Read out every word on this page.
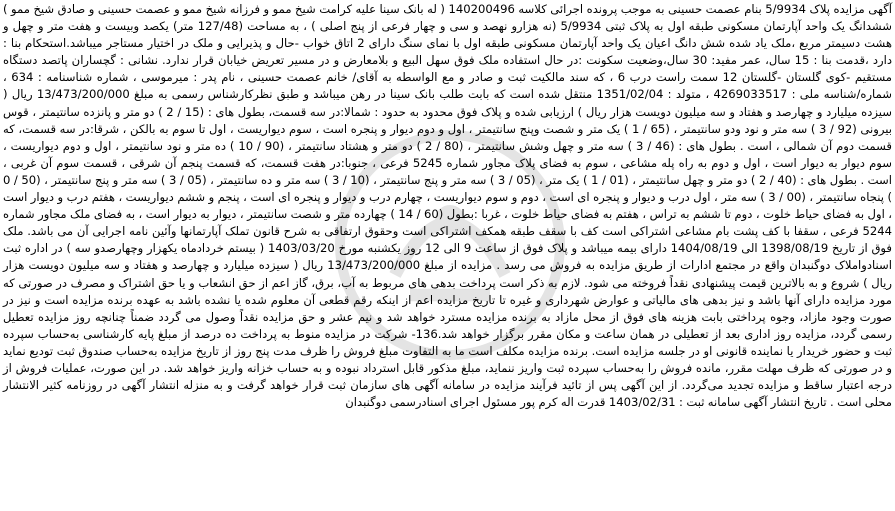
آگهی مزایده پلاک 5/9934 بنام عصمت حسینی به موجب پرونده اجرائی کلاسه 140200496 ( له بانک سینا علیه کرامت شیخ ممو و فرزانه شیخ ممو و عصمت حسینی و صادق شیخ ممو ) ششدانگ یک واحد آپارتمان مسکونی طبقه اول به پلاک ثبتی 5/9934 (نه هزارو نهصد و سی و چهار فرعی از پنج اصلی ) ، به مساحت (127/48 متر) یکصد وبیست و هفت متر و چهل و هشت دسیمتر مربع ،ملک یاد شده شش دانگ اعیان یک واحد آپارتمان مسکونی طبقه اول با نمای سنگ دارای 2 اتاق خواب -حال و پذیرایی و ملک در اختیار مستاجر میباشد.استحکام بنا : دارد ،قدمت بنا : 15 سال، عمر مفید: 30 سال،وضعیت سکونت :در حال استفاده ملک فوق سهل البیع و بلامعارض و در مسیر تعریض خیابان قرار ندارد. نشانی : گچساران پاتصد دستگاه مستقیم -کوی گلستان -گلستان 12 سمت راست درب 6 ، که سند مالکیت ثبت و صادر و مع الواسطه به آقای/ خانم عصمت حسینی ، نام پدر : میرموسی ، شماره شناسنامه : 634 ، شماره/شناسه ملی : 4269033517 ، متولد : 1351/02/04 منتقل شده است که بابت طلب بانک سینا در رهن میباشد و طبق نظرکارشناس رسمی به مبلغ 13/473/200/000 ریال ( سیزده میلیارد و چهارصد و هفتاد و سه میلیون دویست هزار ریال ) ارزیابی شده و پلاک فوق محدود به حدود : شمالا:در سه قسمت، بطول های : (15 / 2 ) دو متر و پانزده سانتیمتر ، قوس بیرونی (92 / 3 ) سه متر و نود ودو سانتیمتر ، (65 / 1 ) یک متر و شصت وپنج سانتیمتر ، اول و دوم دیوار و پنجره است ، سوم دیواریست ، اول تا سوم به بالکن ، شرقا:در سه قسمت، که قسمت دوم آن شمالی ، است . بطول های : (46 / 3 ) سه متر و چهل وشش سانتیمتر ، (80 / 2 ) دو متر و هشتاد سانتیمتر ، (90 / 10 ) ده متر و نود سانتیمتر ، اول و دوم دیواریست ، سوم دیوار به دیوار است ، اول و دوم به راه پله مشاعی ، سوم به فضای پلاک مجاور شماره 5245 فرعی ، جنوبا:در هفت قسمت، که قسمت پنجم آن شرقی ، قسمت سوم آن غربی ، است . بطول های : (40 / 2 ) دو متر و چهل سانتیمتر ، (01 / 1 ) یک متر ، (05 / 3 ) سه متر و پنج سانتیمتر ، (10 / 3 ) سه متر و ده سانتیمتر ، (05 / 3 ) سه متر و پنج سانتیمتر ، (50 / 0 ) پنجاه سانتیمتر ، (00 / 3 ) سه متر ، اول درب و دیوار و پنجره ای است ، دوم و سوم دیواریست ، چهارم درب و دیوار و پنجره ای است ، پنجم و ششم دیواریست ، هفتم درب و دیوار است ، اول به فضای حیاط خلوت ، دوم تا ششم به تراس ، هفتم به فضای حیاط خلوت ، غربا :بطول (60 / 14 ) چهارده متر و شصت سانتیمتر ، دیوار به دیوار است ، به فضای ملک مجاور شماره 5244 فرعی ، سقفا با کف پشت بام مشاعی اشتراکی است کف با سقف طبقه همکف اشتراکی است وحقوق ارتفاقی به شرح قانون تملک آپارتمانها وآئین نامه اجرایی آن می باشد. ملک فوق از تاریخ 1398/08/19 الی 1404/08/19 دارای بیمه میباشد و پلاک فوق از ساعت 9 الی 12 روز یکشنبه مورخ 1403/03/20 ( بیستم خردادماه یکهزار وچهارصدو سه ) در اداره ثبت اسنادواملاک دوگنبدان واقع در مجتمع ادارات از طریق مزایده به فروش می رسد . مزایده از مبلغ 13/473/200/000 ریال ( سیزده میلیارد و چهارصد و هفتاد و سه میلیون دویست هزار ریال ) شروع و به بالاترین قیمت پیشنهادی نقداً فروخته می شود. لازم به ذکر است پرداخت بدهی های مربوط به آب، برق، گاز اعم از حق انشعاب و یا حق اشتراک و مصرف در صورتی که مورد مزایده دارای آنها باشد و نیز بدهی های مالیاتی و عوارض شهرداری و غیره تا تاریخ مزایده اعم از اینکه رقم قطعی آن معلوم شده یا نشده باشد به عهده برنده مزایده است و نیز در صورت وجود مازاد، وجوه پرداختی بابت هزینه های فوق از محل مازاد به برنده مزایده مسترد خواهد شد و نیم عشر و حق مزایده نقداً وصول می گردد ضمناً چنانچه روز مزایده تعطیل رسمی گردد، مزایده روز اداری بعد از تعطیلی در همان ساعت و مکان مقرر برگزار خواهد شد.136- شرکت در مزایده منوط به پرداخت ده درصد از مبلغ پایه کارشناسی به‌حساب سپرده ثبت و حضور خریدار یا نماینده قانونی او در جلسه مزایده است. برنده مزایده مکلف است ما به التفاوت مبلغ فروش را ظرف مدت پنج روز از تاریخ مزایده به‌حساب صندوق ثبت تودیع نماید و در صورتی که ظرف مهلت مقرر، مانده فروش را به‌حساب سپرده ثبت واریز ننماید، مبلغ مذکور قابل استرداد نبوده و به حساب خزانه واریز خواهد شد. در این صورت، عملیات فروش از درجه اعتبار ساقط و مزایده تجدید می‌گردد. از این آگهی پس از تائید فرآیند مزایده در سامانه آگهی های سازمان ثبت قرار خواهد گرفت و به منزله انتشار آگهی در روزنامه کثیر الانتشار محلی است . تاریخ انتشار آگهی سامانه ثبت : 1403/02/31 قدرت اله کرم پور مسئول اجرای اسنادرسمی دوگنبدان
